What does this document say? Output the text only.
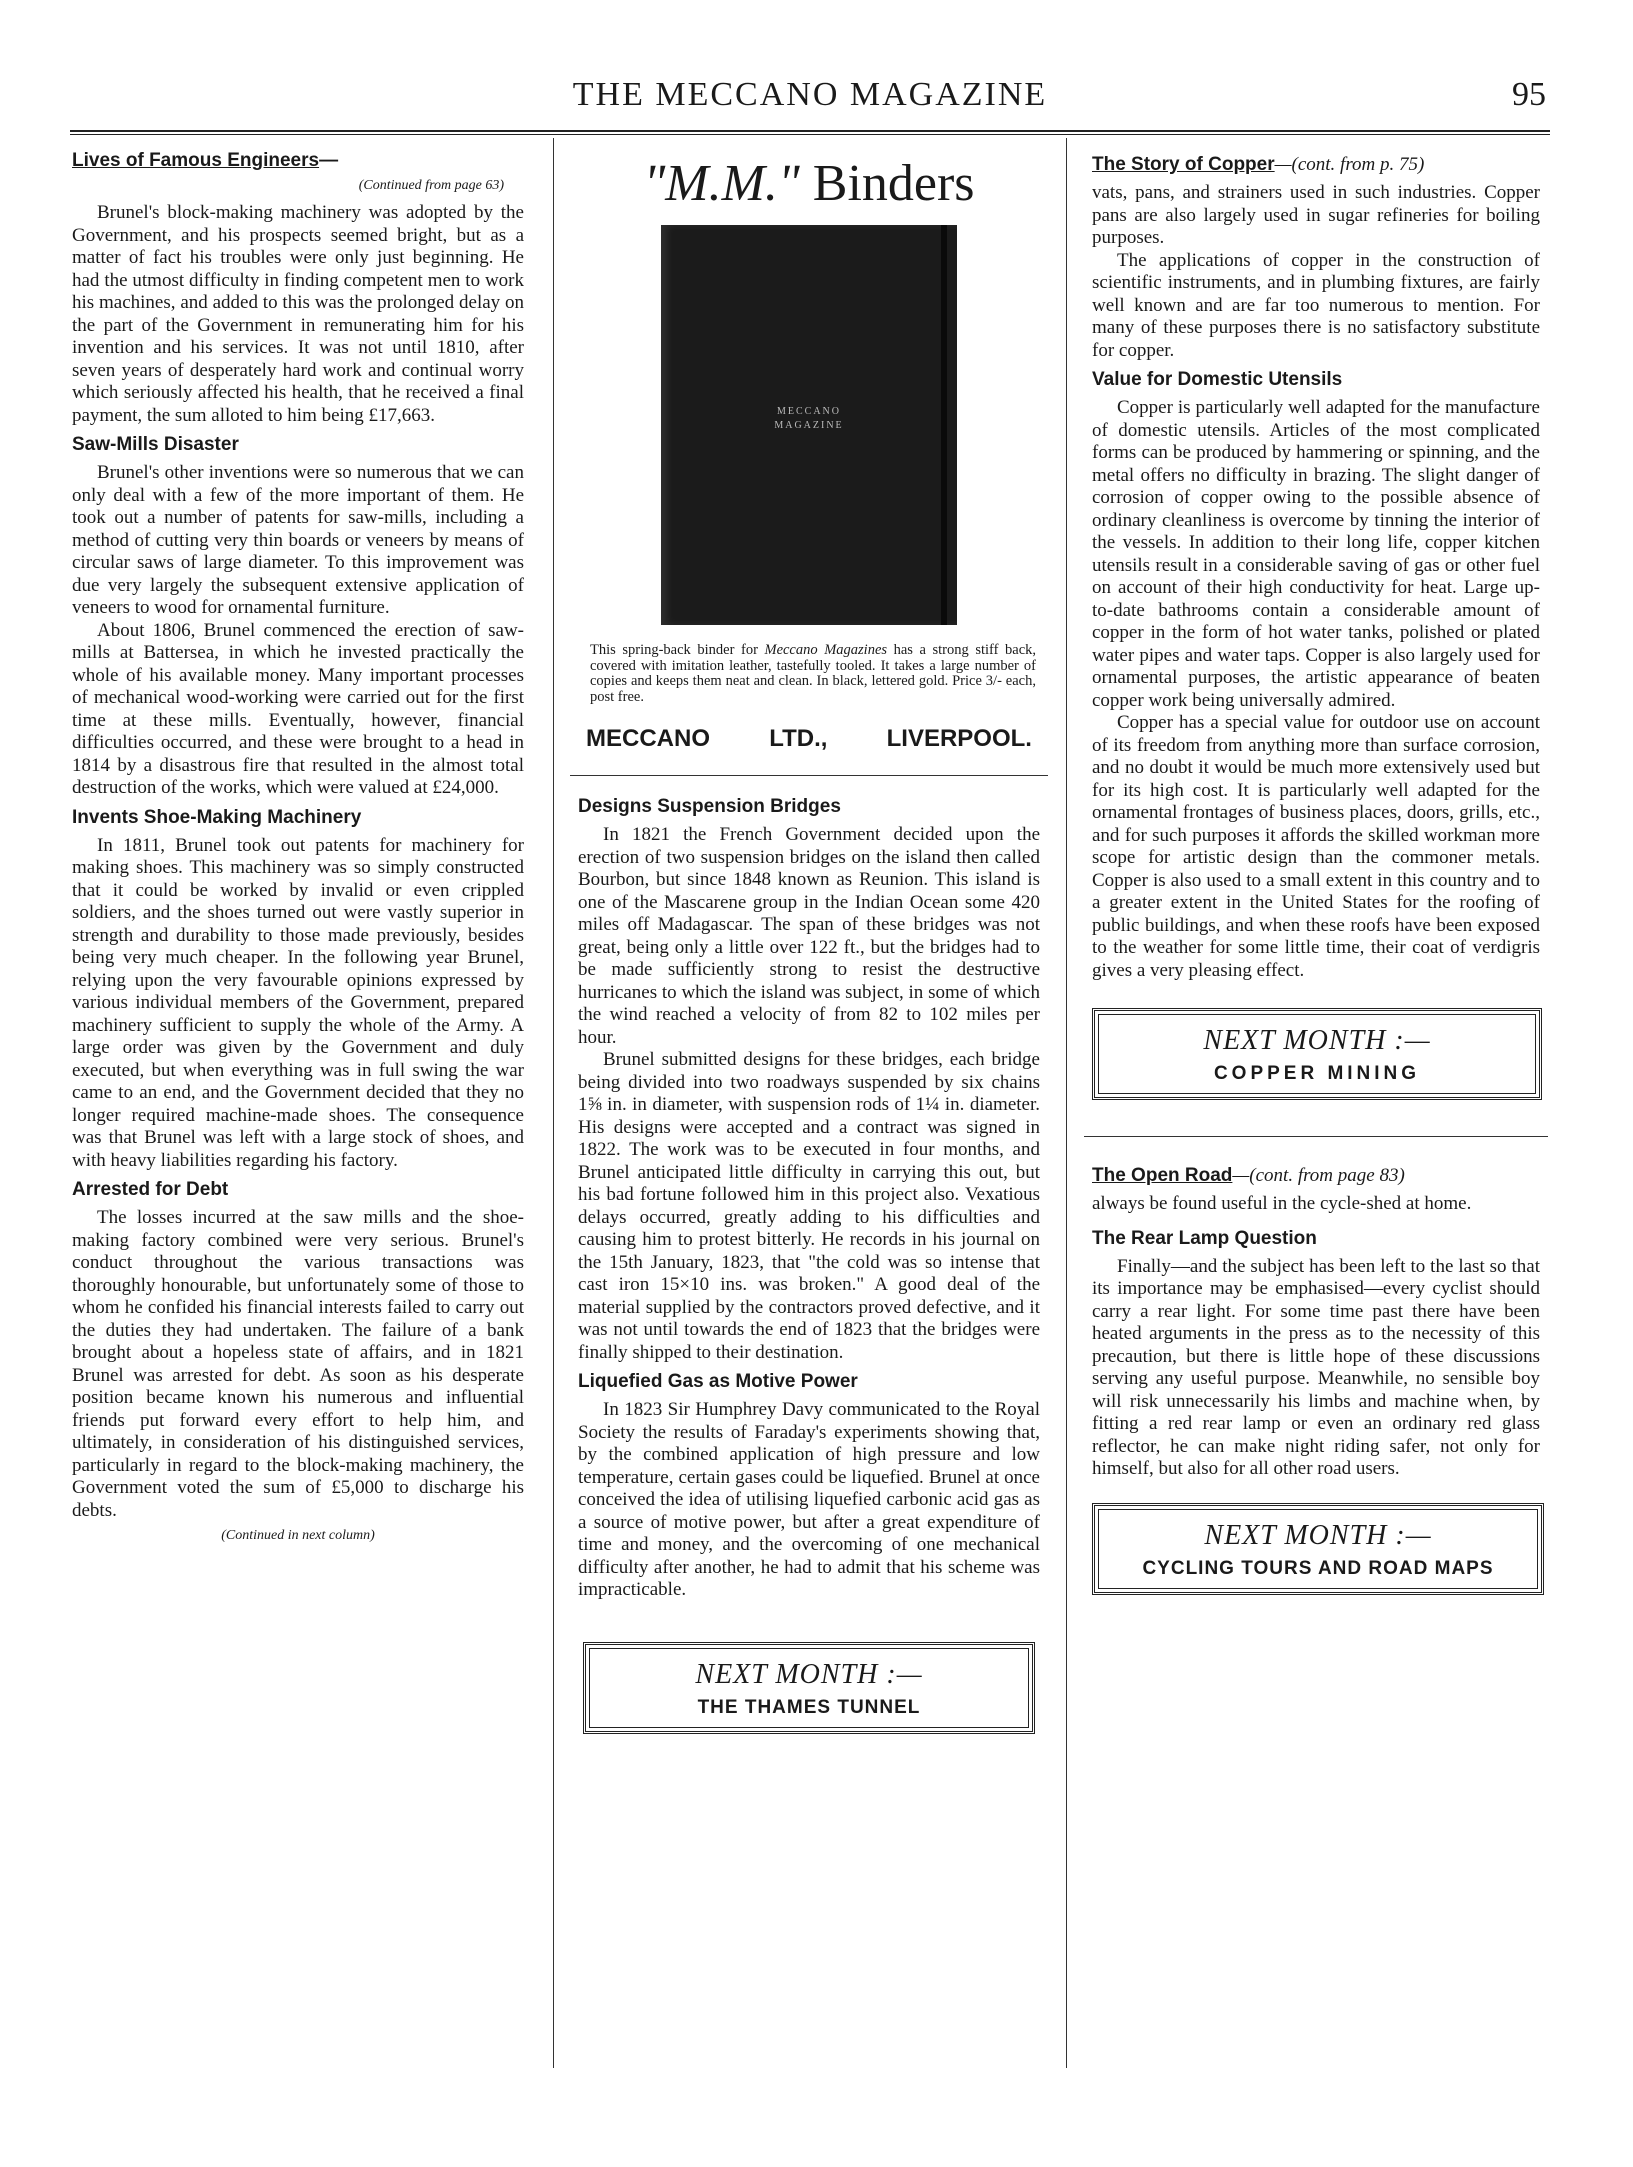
THE MECCANO MAGAZINE	95
Lives of Famous Engineers—
(Continued from page 63)

Brunel's block-making machinery was adopted by the Government, and his prospects seemed bright, but as a matter of fact his troubles were only just beginning. He had the utmost difficulty in finding competent men to work his machines, and added to this was the prolonged delay on the part of the Government in remunerating him for his invention and his services. It was not until 1810, after seven years of desperately hard work and continual worry which seriously affected his health, that he received a final payment, the sum alloted to him being £17,663.

Saw-Mills Disaster

Brunel's other inventions were so numerous that we can only deal with a few of the more important of them. He took out a number of patents for saw-mills, including a method of cutting very thin boards or veneers by means of circular saws of large diameter. To this improvement was due very largely the subsequent extensive application of veneers to wood for ornamental furniture.

About 1806, Brunel commenced the erection of saw-mills at Battersea, in which he invested practically the whole of his available money. Many important processes of mechanical wood-working were carried out for the first time at these mills. Eventually, however, financial difficulties occurred, and these were brought to a head in 1814 by a disastrous fire that resulted in the almost total destruction of the works, which were valued at £24,000.

Invents Shoe-Making Machinery

In 1811, Brunel took out patents for machinery for making shoes. This machinery was so simply constructed that it could be worked by invalid or even crippled soldiers, and the shoes turned out were vastly superior in strength and durability to those made previously, besides being very much cheaper. In the following year Brunel, relying upon the very favourable opinions expressed by various individual members of the Government, prepared machinery sufficient to supply the whole of the Army. A large order was given by the Government and duly executed, but when everything was in full swing the war came to an end, and the Government decided that they no longer required machine-made shoes. The consequence was that Brunel was left with a large stock of shoes, and with heavy liabilities regarding his factory.

Arrested for Debt

The losses incurred at the saw mills and the shoe-making factory combined were very serious. Brunel's conduct throughout the various transactions was thoroughly honourable, but unfortunately some of those to whom he confided his financial interests failed to carry out the duties they had undertaken. The failure of a bank brought about a hopeless state of affairs, and in 1821 Brunel was arrested for debt. As soon as his desperate position became known his numerous and influential friends put forward every effort to help him, and ultimately, in consideration of his distinguished services, particularly in regard to the block-making machinery, the Government voted the sum of £5,000 to discharge his debts.

(Continued in next column)
"M.M." Binders
MECCANO
MAGAZINE
This spring-back binder for Meccano Magazines has a strong stiff back, covered with imitation leather, tastefully tooled. It takes a large number of copies and keeps them neat and clean. In black, lettered gold. Price 3/- each, post free.
MECCANO LTD., LIVERPOOL.
Designs Suspension Bridges

In 1821 the French Government decided upon the erection of two suspension bridges on the island then called Bourbon, but since 1848 known as Reunion. This island is one of the Mascarene group in the Indian Ocean some 420 miles off Madagascar. The span of these bridges was not great, being only a little over 122 ft., but the bridges had to be made sufficiently strong to resist the destructive hurricanes to which the island was subject, in some of which the wind reached a velocity of from 82 to 102 miles per hour.

Brunel submitted designs for these bridges, each bridge being divided into two roadways suspended by six chains 1⅝ in. in diameter, with suspension rods of 1¼ in. diameter. His designs were accepted and a contract was signed in 1822. The work was to be executed in four months, and Brunel anticipated little difficulty in carrying this out, but his bad fortune followed him in this project also. Vexatious delays occurred, greatly adding to his difficulties and causing him to protest bitterly. He records in his journal on the 15th January, 1823, that "the cold was so intense that cast iron 15×10 ins. was broken." A good deal of the material supplied by the contractors proved defective, and it was not until towards the end of 1823 that the bridges were finally shipped to their destination.

Liquefied Gas as Motive Power

In 1823 Sir Humphrey Davy communicated to the Royal Society the results of Faraday's experiments showing that, by the combined application of high pressure and low temperature, certain gases could be liquefied. Brunel at once conceived the idea of utilising liquefied carbonic acid gas as a source of motive power, but after a great expenditure of time and money, and the overcoming of one mechanical difficulty after another, he had to admit that his scheme was impracticable.

NEXT MONTH :—
THE THAMES TUNNEL
The Story of Copper—(cont. from p. 75)

vats, pans, and strainers used in such industries. Copper pans are also largely used in sugar refineries for boiling purposes.

The applications of copper in the construction of scientific instruments, and in plumbing fixtures, are fairly well known and are far too numerous to mention. For many of these purposes there is no satisfactory substitute for copper.

Value for Domestic Utensils

Copper is particularly well adapted for the manufacture of domestic utensils. Articles of the most complicated forms can be produced by hammering or spinning, and the metal offers no difficulty in brazing. The slight danger of corrosion of copper owing to the possible absence of ordinary cleanliness is overcome by tinning the interior of the vessels. In addition to their long life, copper kitchen utensils result in a considerable saving of gas or other fuel on account of their high conductivity for heat. Large up-to-date bathrooms contain a considerable amount of copper in the form of hot water tanks, polished or plated water pipes and water taps. Copper is also largely used for ornamental purposes, the artistic appearance of beaten copper work being universally admired.

Copper has a special value for outdoor use on account of its freedom from anything more than surface corrosion, and no doubt it would be much more extensively used but for its high cost. It is particularly well adapted for the ornamental frontages of business places, doors, grills, etc., and for such purposes it affords the skilled workman more scope for artistic design than the commoner metals. Copper is also used to a small extent in this country and to a greater extent in the United States for the roofing of public buildings, and when these roofs have been exposed to the weather for some little time, their coat of verdigris gives a very pleasing effect.

NEXT MONTH :—
COPPER MINING
The Open Road—(cont. from page 83)

always be found useful in the cycle-shed at home.

The Rear Lamp Question

Finally—and the subject has been left to the last so that its importance may be emphasised—every cyclist should carry a rear light. For some time past there have been heated arguments in the press as to the necessity of this precaution, but there is little hope of these discussions serving any useful purpose. Meanwhile, no sensible boy will risk unnecessarily his limbs and machine when, by fitting a red rear lamp or even an ordinary red glass reflector, he can make night riding safer, not only for himself, but also for all other road users.

NEXT MONTH :—
CYCLING TOURS AND ROAD MAPS
